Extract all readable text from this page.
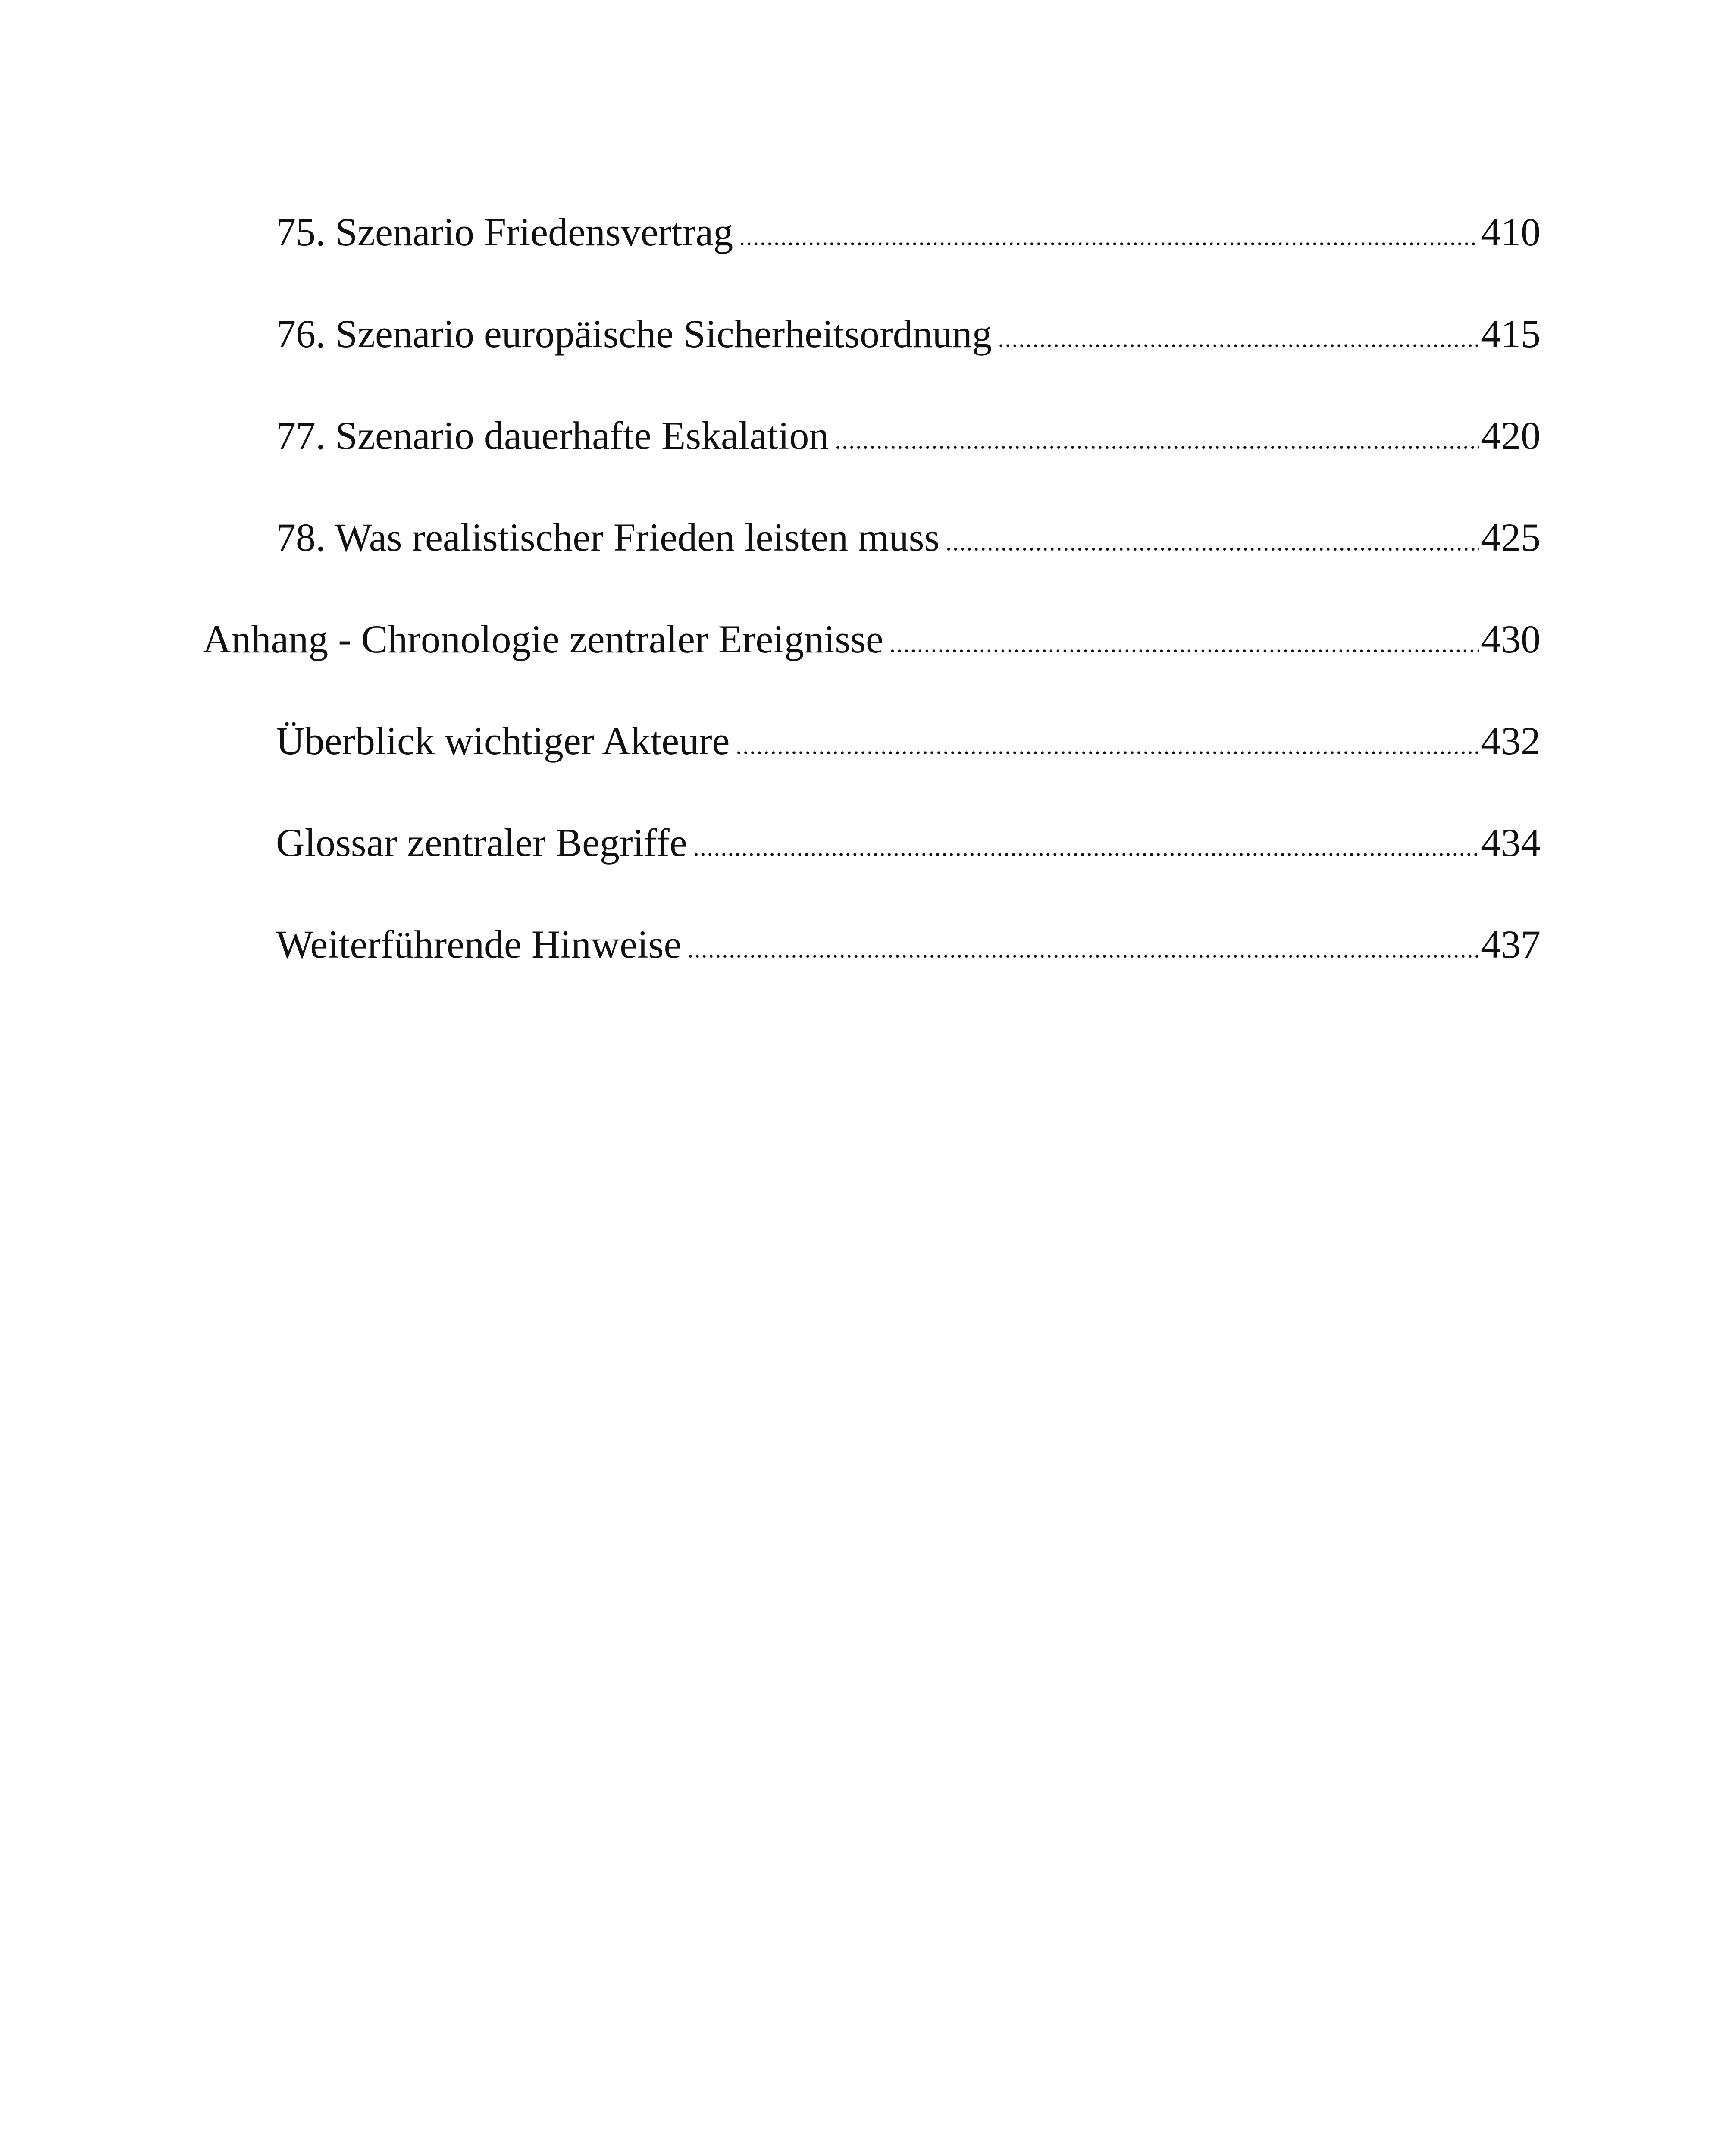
75. Szenario Friedensvertrag .....	410
76. Szenario europäische Sicherheitsordnung .....	415
77. Szenario dauerhafte Eskalation .....	420
78. Was realistischer Frieden leisten muss .....	425
Anhang - Chronologie zentraler Ereignisse .....	430
Überblick wichtiger Akteure .....	432
Glossar zentraler Begriffe .....	434
Weiterführende Hinweise .....	437
